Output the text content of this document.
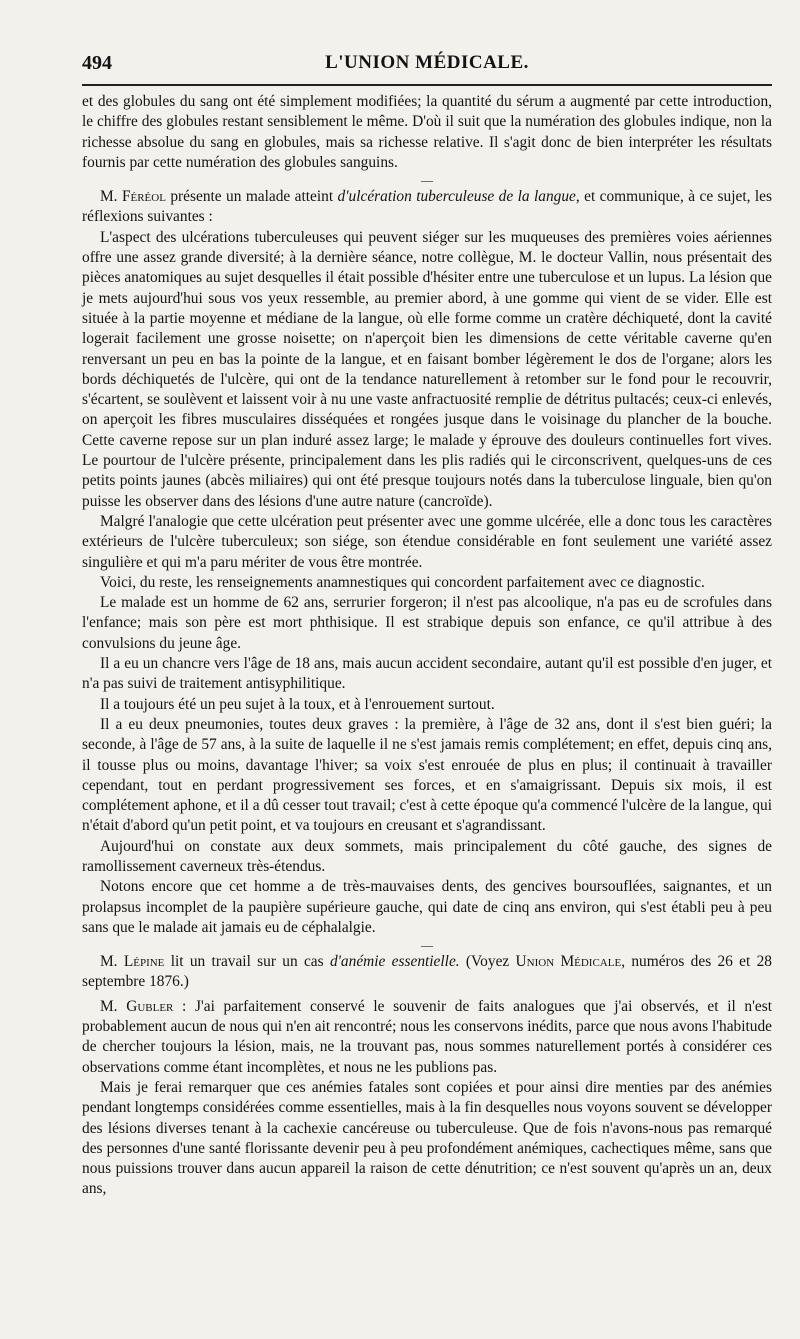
494	L'UNION MÉDICALE.

et des globules du sang ont été simplement modifiées; la quantité du sérum a augmenté par cette introduction, le chiffre des globules restant sensiblement le même. D'où il suit que la numération des globules indique, non la richesse absolue du sang en globules, mais sa richesse relative. Il s'agit donc de bien interpréter les résultats fournis par cette numération des globules sanguins.

—

M. Féréol présente un malade atteint d'ulcération tuberculeuse de la langue, et communique, à ce sujet, les réflexions suivantes :

L'aspect des ulcérations tuberculeuses qui peuvent siéger sur les muqueuses des premières voies aériennes offre une assez grande diversité; à la dernière séance, notre collègue, M. le docteur Vallin, nous présentait des pièces anatomiques au sujet desquelles il était possible d'hésiter entre une tuberculose et un lupus. La lésion que je mets aujourd'hui sous vos yeux ressemble, au premier abord, à une gomme qui vient de se vider. Elle est située à la partie moyenne et médiane de la langue, où elle forme comme un cratère déchiqueté, dont la cavité logerait facilement une grosse noisette; on n'aperçoit bien les dimensions de cette véritable caverne qu'en renversant un peu en bas la pointe de la langue, et en faisant bomber légèrement le dos de l'organe; alors les bords déchiquetés de l'ulcère, qui ont de la tendance naturellement à retomber sur le fond pour le recouvrir, s'écartent, se soulèvent et laissent voir à nu une vaste anfractuosité remplie de détritus pultacés; ceux-ci enlevés, on aperçoit les fibres musculaires disséquées et rongées jusque dans le voisinage du plancher de la bouche. Cette caverne repose sur un plan induré assez large; le malade y éprouve des douleurs continuelles fort vives. Le pourtour de l'ulcère présente, principalement dans les plis radiés qui le circonscrivent, quelques-uns de ces petits points jaunes (abcès miliaires) qui ont été presque toujours notés dans la tuberculose linguale, bien qu'on puisse les observer dans des lésions d'une autre nature (cancroïde).

Malgré l'analogie que cette ulcération peut présenter avec une gomme ulcérée, elle a donc tous les caractères extérieurs de l'ulcère tuberculeux; son siége, son étendue considérable en font seulement une variété assez singulière et qui m'a paru mériter de vous être montrée.

Voici, du reste, les renseignements anamnestiques qui concordent parfaitement avec ce diagnostic.

Le malade est un homme de 62 ans, serrurier forgeron; il n'est pas alcoolique, n'a pas eu de scrofules dans l'enfance; mais son père est mort phthisique. Il est strabique depuis son enfance, ce qu'il attribue à des convulsions du jeune âge.

Il a eu un chancre vers l'âge de 18 ans, mais aucun accident secondaire, autant qu'il est possible d'en juger, et n'a pas suivi de traitement antisyphilitique.

Il a toujours été un peu sujet à la toux, et à l'enrouement surtout.

Il a eu deux pneumonies, toutes deux graves : la première, à l'âge de 32 ans, dont il s'est bien guéri; la seconde, à l'âge de 57 ans, à la suite de laquelle il ne s'est jamais remis complétement; en effet, depuis cinq ans, il tousse plus ou moins, davantage l'hiver; sa voix s'est enrouée de plus en plus; il continuait à travailler cependant, tout en perdant progressivement ses forces, et en s'amaigrissant. Depuis six mois, il est complétement aphone, et il a dû cesser tout travail; c'est à cette époque qu'a commencé l'ulcère de la langue, qui n'était d'abord qu'un petit point, et va toujours en creusant et s'agrandissant.

Aujourd'hui on constate aux deux sommets, mais principalement du côté gauche, des signes de ramollissement caverneux très-étendus.

Notons encore que cet homme a de très-mauvaises dents, des gencives boursouflées, saignantes, et un prolapsus incomplet de la paupière supérieure gauche, qui date de cinq ans environ, qui s'est établi peu à peu sans que le malade ait jamais eu de céphalalgie.

—

M. Lépine lit un travail sur un cas d'anémie essentielle. (Voyez Union Médicale, numéros des 26 et 28 septembre 1876.)

M. Gubler : J'ai parfaitement conservé le souvenir de faits analogues que j'ai observés, et il n'est probablement aucun de nous qui n'en ait rencontré; nous les conservons inédits, parce que nous avons l'habitude de chercher toujours la lésion, mais, ne la trouvant pas, nous sommes naturellement portés à considérer ces observations comme étant incomplètes, et nous ne les publions pas.

Mais je ferai remarquer que ces anémies fatales sont copiées et pour ainsi dire menties par des anémies pendant longtemps considérées comme essentielles, mais à la fin desquelles nous voyons souvent se développer des lésions diverses tenant à la cachexie cancéreuse ou tuberculeuse. Que de fois n'avons-nous pas remarqué des personnes d'une santé florissante devenir peu à peu profondément anémiques, cachectiques même, sans que nous puissions trouver dans aucun appareil la raison de cette dénutrition; ce n'est souvent qu'après un an, deux ans,
